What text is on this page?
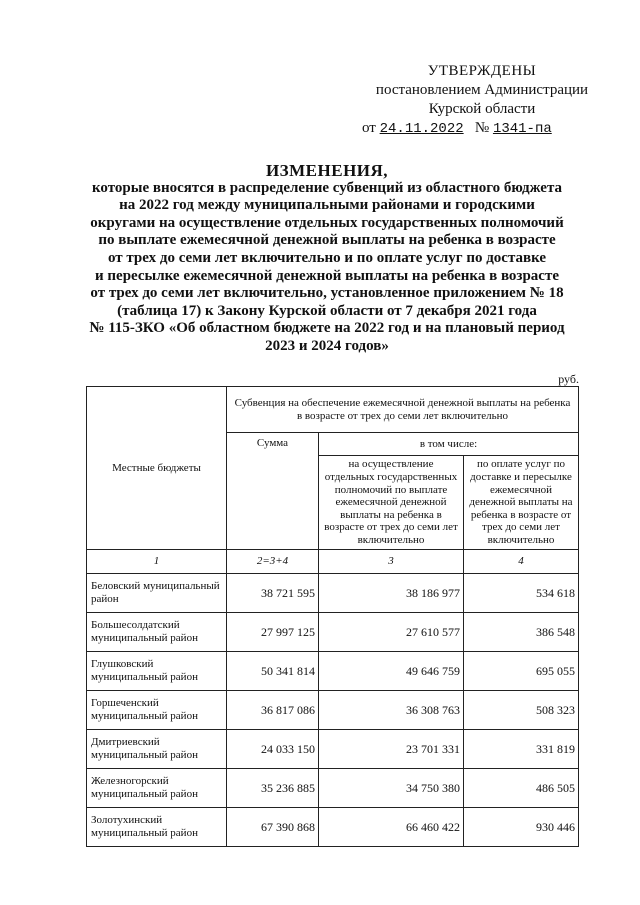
УТВЕРЖДЕНЫ
постановлением Администрации
Курской области
от 24.11.2022 № 1341-па
ИЗМЕНЕНИЯ,
которые вносятся в распределение субвенций из областного бюджета
на 2022 год между муниципальными районами и городскими
округами на осуществление отдельных государственных полномочий
по выплате ежемесячной денежной выплаты на ребенка в возрасте
от трех до семи лет включительно и по оплате услуг по доставке
и пересылке ежемесячной денежной выплаты на ребенка в возрасте
от трех до семи лет включительно, установленное приложением № 18
(таблица 17) к Закону Курской области от 7 декабря 2021 года
№ 115-ЗКО «Об областном бюджете на 2022 год и на плановый период
2023 и 2024 годов»
руб.
Местные бюджеты	Субвенция на обеспечение ежемесячной денежной выплаты на ребенка в возрасте от трех до семи лет включительно		
	Сумма	в том числе:	
		на осуществление отдельных государственных полномочий по выплате ежемесячной денежной выплаты на ребенка в возрасте от трех до семи лет включительно	по оплате услуг по доставке и пересылке ежемесячной денежной выплаты на ребенка в возрасте от трех до семи лет включительно
1	2=3+4	3	4
Беловский муниципальный район	38 721 595	38 186 977	534 618
Большесолдатский муниципальный район	27 997 125	27 610 577	386 548
Глушковский муниципальный район	50 341 814	49 646 759	695 055
Горшеченский муниципальный район	36 817 086	36 308 763	508 323
Дмитриевский муниципальный район	24 033 150	23 701 331	331 819
Железногорский муниципальный район	35 236 885	34 750 380	486 505
Золотухинский муниципальный район	67 390 868	66 460 422	930 446
